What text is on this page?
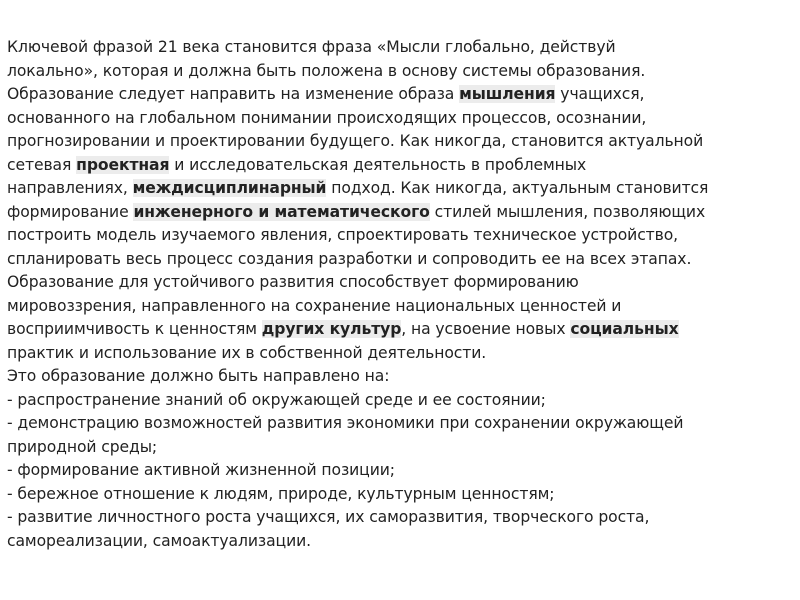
Ключевой фразой 21 века становится фраза «Мысли глобально, действуй
локально», которая и должна быть положена в основу системы образования.
Образование следует направить на изменение образа мышления учащихся,
основанного на глобальном понимании происходящих процессов, осознании,
прогнозировании и проектировании будущего. Как никогда, становится актуальной
сетевая проектная и исследовательская деятельность в проблемных
направлениях, междисциплинарный подход. Как никогда, актуальным становится
формирование инженерного и математического стилей мышления, позволяющих
построить модель изучаемого явления, спроектировать техническое устройство,
спланировать весь процесс создания разработки и сопроводить ее на всех этапах.
Образование для устойчивого развития способствует формированию
мировоззрения, направленного на сохранение национальных ценностей и
восприимчивость к ценностям других культур, на усвоение новых социальных
практик и использование их в собственной деятельности.
Это образование должно быть направлено на:
- распространение знаний об окружающей среде и ее состоянии;
- демонстрацию возможностей развития экономики при сохранении окружающей
природной среды;
- формирование активной жизненной позиции;
- бережное отношение к людям, природе, культурным ценностям;
- развитие личностного роста учащихся, их саморазвития, творческого роста,
самореализации, самоактуализации.
